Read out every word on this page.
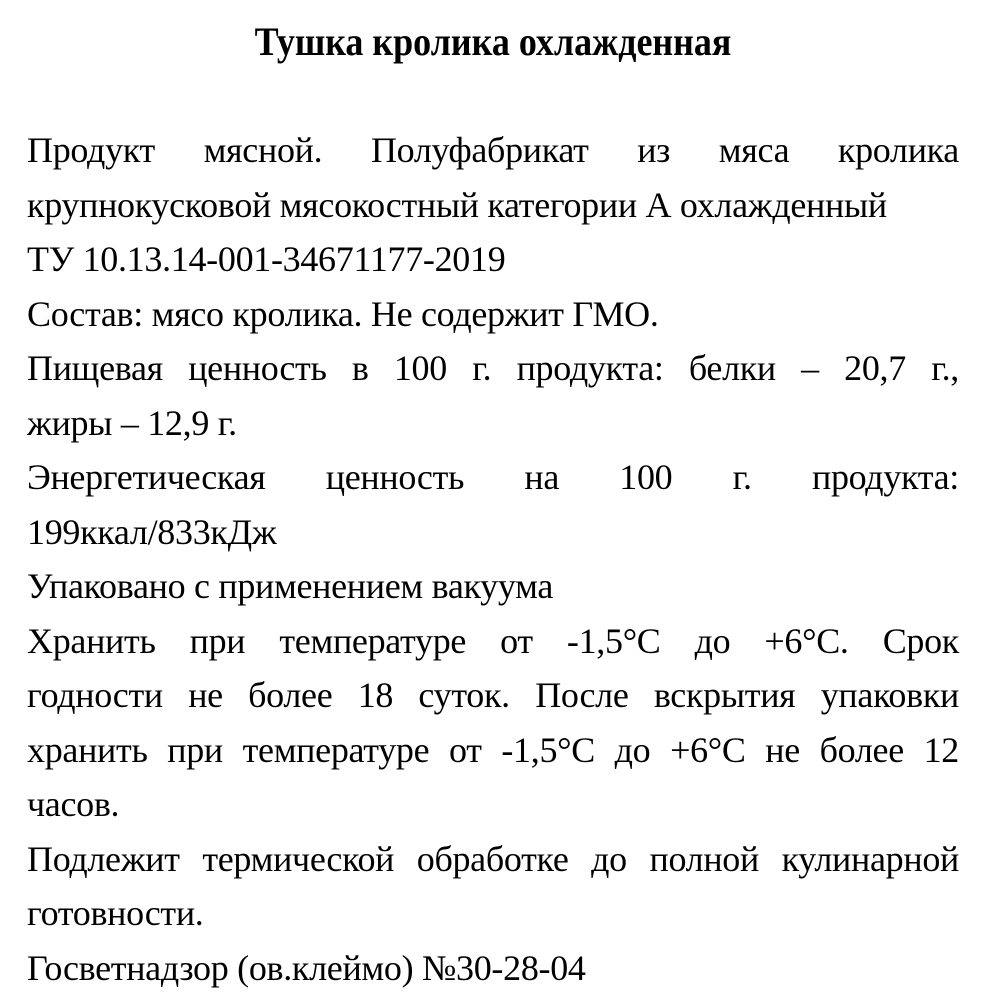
Тушка кролика охлажденная

Продукт мясной. Полуфабрикат из мяса кролика

крупнокусковой мясокостный категории А охлажденный

ТУ 10.13.14-001-34671177-2019

Состав: мясо кролика. Не содержит ГМО.

Пищевая ценность в 100 г. продукта: белки – 20,7 г.,

жиры – 12,9 г.

Энергетическая ценность на 100 г. продукта:

199ккал/833кДж

Упаковано с применением вакуума

Хранить при температуре от -1,5°С до +6°С. Срок

годности не более 18 суток. После вскрытия упаковки

хранить при температуре от -1,5°С до +6°С не более 12

часов.

Подлежит термической обработке до полной кулинарной

готовности.

Госветнадзор (ов.клеймо) №30-28-04
